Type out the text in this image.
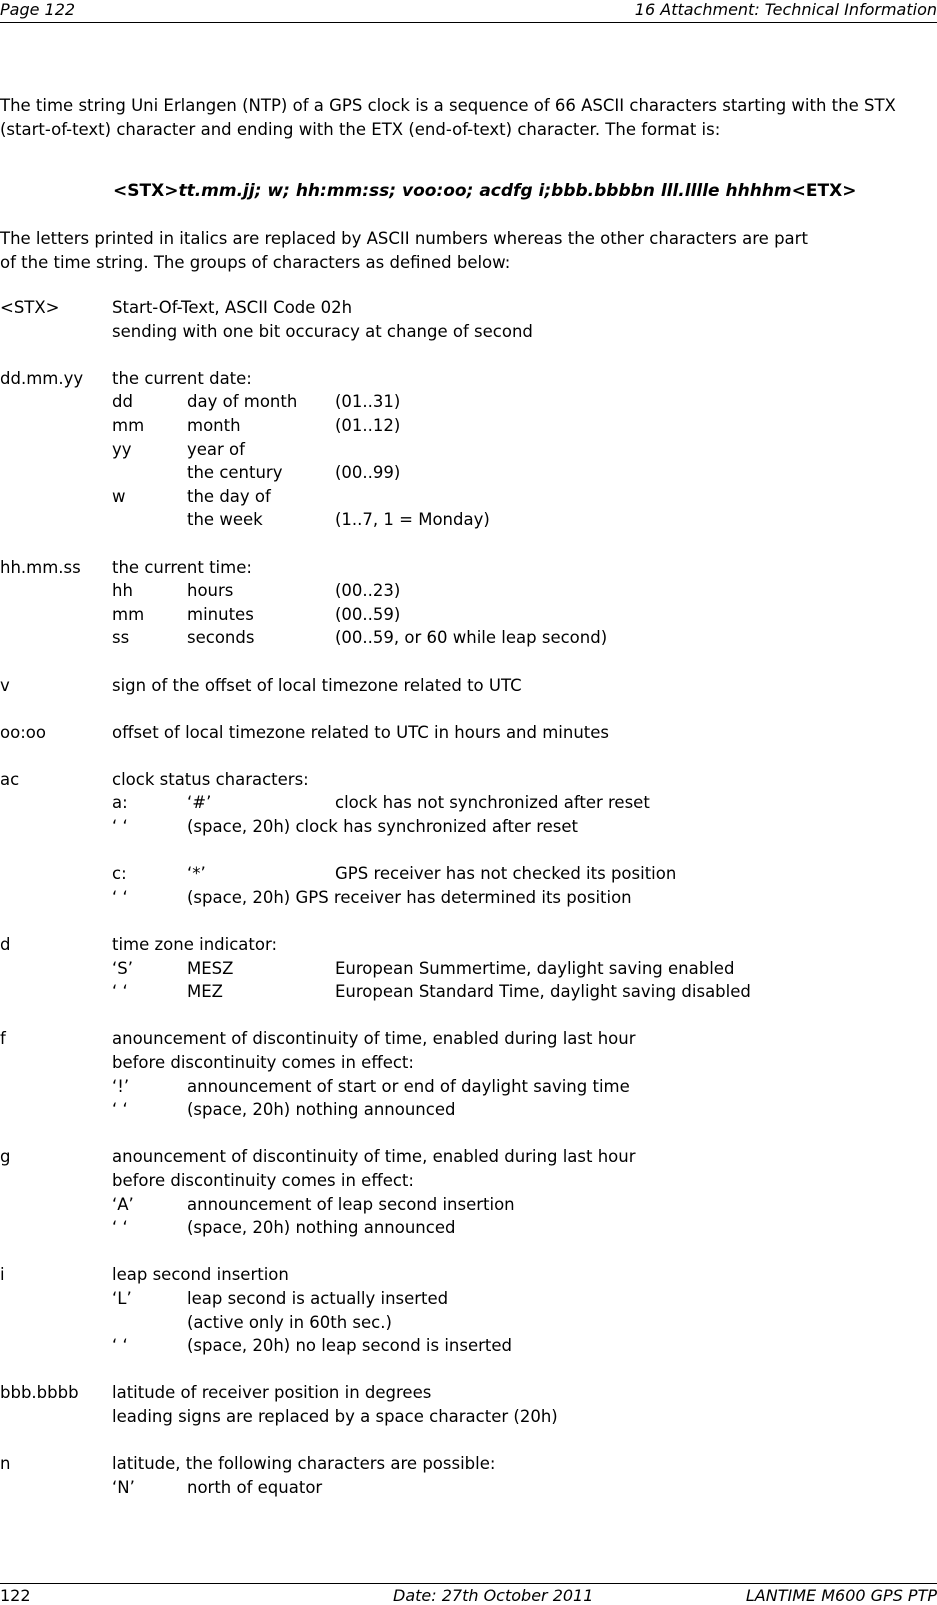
Page 122	16 Attachment: Technical Information
The time string Uni Erlangen (NTP) of a GPS clock is a sequence of 66 ASCII characters starting with the STX
(start-of-text) character and ending with the ETX (end-of-text) character. The format is:
<STX>tt.mm.jj; w; hh:mm:ss; voo:oo; acdfg i;bbb.bbbbn lll.lllle hhhhm<ETX>
The letters printed in italics are replaced by ASCII numbers whereas the other characters are part
of the time string. The groups of characters as defined below:
<STX>	Start-Of-Text, ASCII Code 02h
sending with one bit occuracy at change of second
dd.mm.yy the current date:
dd	day of month (01..31)
mm	month	(01..12)
yy	year of
the century	(00..99)
w	the day of
the week	(1..7, 1 = Monday)
hh.mm.ss the current time:
hh	hours	(00..23)
mm	minutes	(00..59)
ss	seconds	(00..59, or 60 while leap second)
v	sign of the offset of local timezone related to UTC
oo:oo	offset of local timezone related to UTC in hours and minutes
ac	clock status characters:
a:	‘#’	clock has not synchronized after reset
‘ ‘	(space, 20h) clock has synchronized after reset
c:	‘*’	GPS receiver has not checked its position
‘ ‘	(space, 20h) GPS receiver has determined its position
d	time zone indicator:
‘S’	MESZ	European Summertime, daylight saving enabled
‘ ‘	MEZ	European Standard Time, daylight saving disabled
f	anouncement of discontinuity of time, enabled during last hour
before discontinuity comes in effect:
‘!’	announcement of start or end of daylight saving time
‘ ‘	(space, 20h) nothing announced
g	anouncement of discontinuity of time, enabled during last hour
before discontinuity comes in effect:
‘A’	announcement of leap second insertion
‘ ‘	(space, 20h) nothing announced
i	leap second insertion
‘L’	leap second is actually inserted
(active only in 60th sec.)
‘ ‘	(space, 20h) no leap second is inserted
bbb.bbbb latitude of receiver position in degrees
leading signs are replaced by a space character (20h)
n	latitude, the following characters are possible:
‘N’	north of equator
122	Date: 27th October 2011	LANTIME M600 GPS PTP
